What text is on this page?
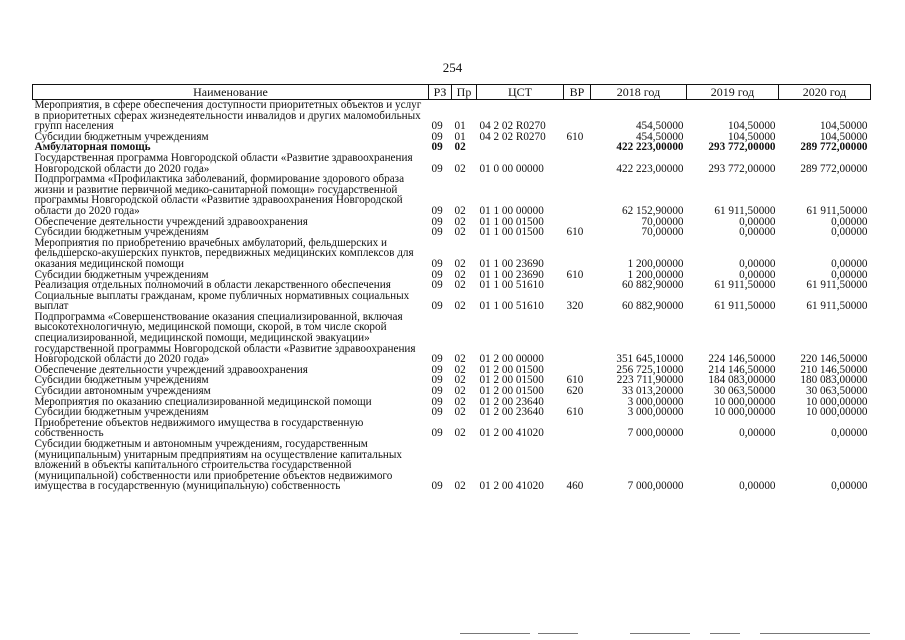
254
Наименование	РЗ	Пр	ЦСТ	ВР	2018 год	2019 год	2020 год
Мероприятия, в сфере обеспечения доступности приоритетных объектов и услуг в приоритетных сферах жизнедеятельности инвалидов и других маломобильных групп населения	09	01	04 2 02 R0270		454,50000	104,50000	104,50000
Субсидии бюджетным учреждениям	09	01	04 2 02 R0270	610	454,50000	104,50000	104,50000
Амбулаторная помощь	09	02			422 223,00000	293 772,00000	289 772,00000
Государственная программа Новгородской области «Развитие здравоохранения Новгородской области до 2020 года»	09	02	01 0 00 00000		422 223,00000	293 772,00000	289 772,00000
Подпрограмма «Профилактика заболеваний, формирование здорового образа жизни и развитие первичной медико-санитарной помощи» государственной программы Новгородской области «Развитие здравоохранения Новгородской области до 2020 года»	09	02	01 1 00 00000		62 152,90000	61 911,50000	61 911,50000
Обеспечение деятельности учреждений здравоохранения	09	02	01 1 00 01500		70,00000	0,00000	0,00000
Субсидии бюджетным учреждениям	09	02	01 1 00 01500	610	70,00000	0,00000	0,00000
Мероприятия по приобретению врачебных амбулаторий, фельдшерских и фельдшерско-акушерских пунктов, передвижных медицинских комплексов для оказания медицинской помощи	09	02	01 1 00 23690		1 200,00000	0,00000	0,00000
Субсидии бюджетным учреждениям	09	02	01 1 00 23690	610	1 200,00000	0,00000	0,00000
Реализация отдельных полномочий в области лекарственного обеспечения	09	02	01 1 00 51610		60 882,90000	61 911,50000	61 911,50000
Социальные выплаты гражданам, кроме публичных нормативных социальных выплат	09	02	01 1 00 51610	320	60 882,90000	61 911,50000	61 911,50000
Подпрограмма «Совершенствование оказания специализированной, включая высокотехнологичную, медицинской помощи, скорой, в том числе скорой специализированной, медицинской помощи, медицинской эвакуации» государственной программы Новгородской области «Развитие здравоохранения Новгородской области до 2020 года»	09	02	01 2 00 00000		351 645,10000	224 146,50000	220 146,50000
Обеспечение деятельности учреждений здравоохранения	09	02	01 2 00 01500		256 725,10000	214 146,50000	210 146,50000
Субсидии бюджетным учреждениям	09	02	01 2 00 01500	610	223 711,90000	184 083,00000	180 083,00000
Субсидии автономным учреждениям	09	02	01 2 00 01500	620	33 013,20000	30 063,50000	30 063,50000
Мероприятия по оказанию специализированной медицинской помощи	09	02	01 2 00 23640		3 000,00000	10 000,00000	10 000,00000
Субсидии бюджетным учреждениям	09	02	01 2 00 23640	610	3 000,00000	10 000,00000	10 000,00000
Приобретение объектов недвижимого имущества в государственную собственность	09	02	01 2 00 41020		7 000,00000	0,00000	0,00000
Субсидии бюджетным и автономным учреждениям, государственным (муниципальным) унитарным предприятиям на осуществление капитальных вложений в объекты капитального строительства государственной (муниципальной) собственности или приобретение объектов недвижимого имущества в государственную (муниципальную) собственность	09	02	01 2 00 41020	460	7 000,00000	0,00000	0,00000
